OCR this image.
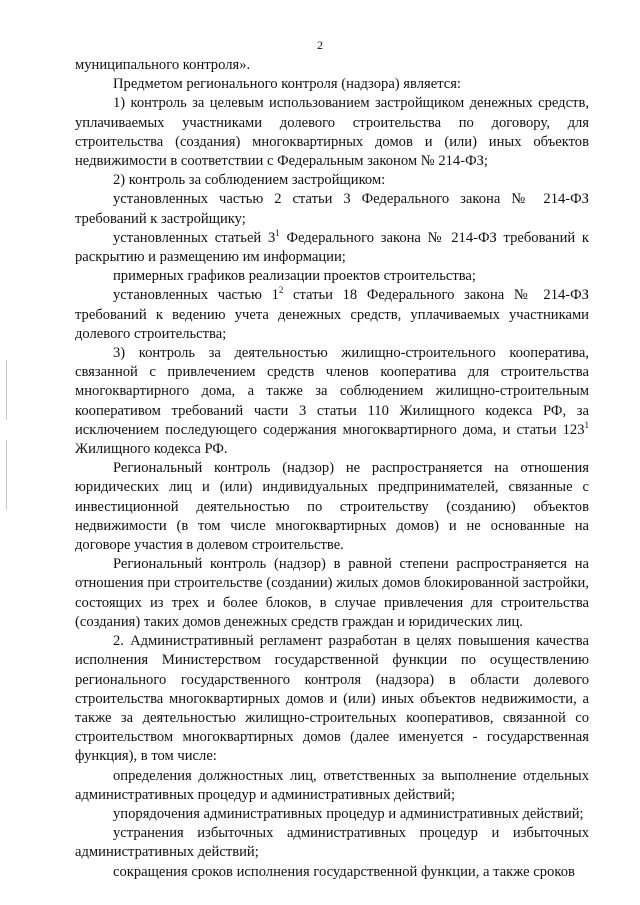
2

муниципального контроля».

Предметом регионального контроля (надзора) является:

1) контроль за целевым использованием застройщиком денежных средств, уплачиваемых участниками долевого строительства по договору, для строительства (создания) многоквартирных домов и (или) иных объектов недвижимости в соответствии с Федеральным законом № 214-ФЗ;

2) контроль за соблюдением застройщиком:

установленных частью 2 статьи 3 Федерального закона № 214-ФЗ требований к застройщику;

установленных статьей $3^1$ Федерального закона № 214-ФЗ требований к раскрытию и размещению им информации;

примерных графиков реализации проектов строительства;

установленных частью $1^2$ статьи 18 Федерального закона № 214-ФЗ требований к ведению учета денежных средств, уплачиваемых участниками долевого строительства;

3) контроль за деятельностью жилищно-строительного кооператива, связанной с привлечением средств членов кооператива для строительства многоквартирного дома, а также за соблюдением жилищно-строительным кооперативом требований части 3 статьи 110 Жилищного кодекса РФ, за исключением последующего содержания многоквартирного дома, и статьи $123^1$ Жилищного кодекса РФ.

Региональный контроль (надзор) не распространяется на отношения юридических лиц и (или) индивидуальных предпринимателей, связанные с инвестиционной деятельностью по строительству (созданию) объектов недвижимости (в том числе многоквартирных домов) и не основанные на договоре участия в долевом строительстве.

Региональный контроль (надзор) в равной степени распространяется на отношения при строительстве (создании) жилых домов блокированной застройки, состоящих из трех и более блоков, в случае привлечения для строительства (создания) таких домов денежных средств граждан и юридических лиц.

2. Административный регламент разработан в целях повышения качества исполнения Министерством государственной функции по осуществлению регионального государственного контроля (надзора) в области долевого строительства многоквартирных домов и (или) иных объектов недвижимости, а также за деятельностью жилищно-строительных кооперативов, связанной со строительством многоквартирных домов (далее именуется - государственная функция), в том числе:

определения должностных лиц, ответственных за выполнение отдельных административных процедур и административных действий;

упорядочения административных процедур и административных действий;

устранения избыточных административных процедур и избыточных административных действий;

сокращения сроков исполнения государственной функции, а также сроков
